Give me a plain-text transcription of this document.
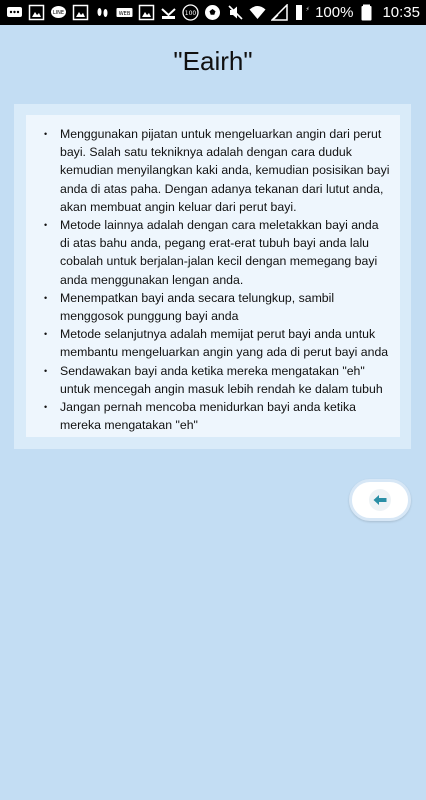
LINE	WEB	100
⚡ 100% 10:35
"Eairh"
• Menggunakan pijatan untuk mengeluarkan angin dari perut bayi. Salah satu tekniknya adalah dengan cara duduk kemudian menyilangkan kaki anda, kemudian posisikan bayi anda di atas paha. Dengan adanya tekanan dari lutut anda, akan membuat angin keluar dari perut bayi.
• Metode lainnya adalah dengan cara meletakkan bayi anda di atas bahu anda, pegang erat-erat tubuh bayi anda lalu cobalah untuk berjalan-jalan kecil dengan memegang bayi anda menggunakan lengan anda.
• Menempatkan bayi anda secara telungkup, sambil menggosok punggung bayi anda
• Metode selanjutnya adalah memijat perut bayi anda untuk membantu mengeluarkan angin yang ada di perut bayi anda
• Sendawakan bayi anda ketika mereka mengatakan "eh" untuk mencegah angin masuk lebih rendah ke dalam tubuh
• Jangan pernah mencoba menidurkan bayi anda ketika mereka mengatakan "eh"
